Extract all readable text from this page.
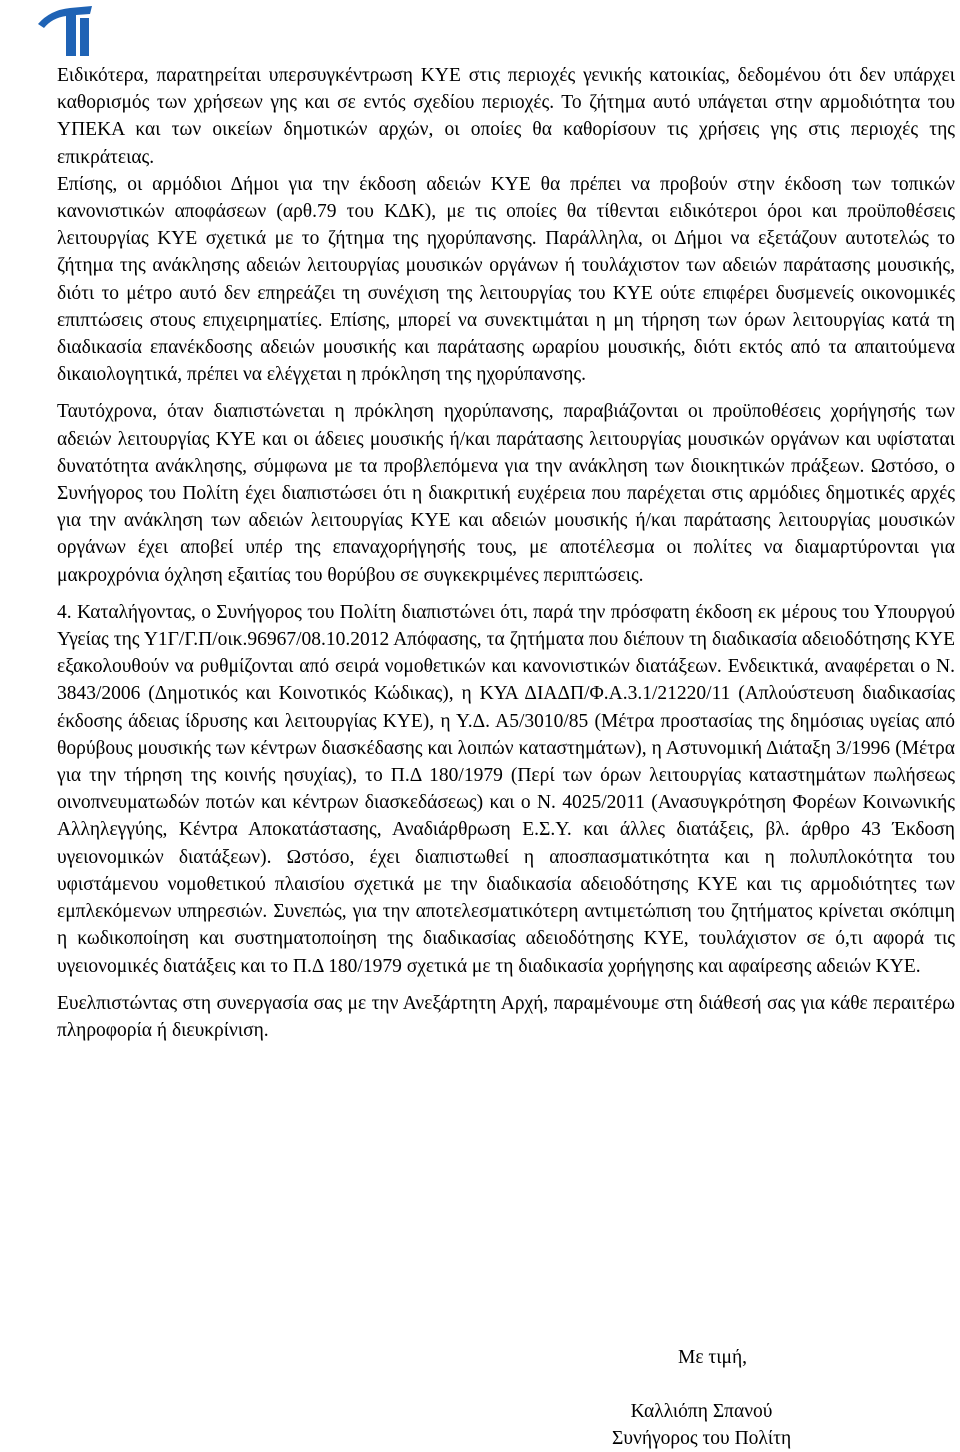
Ειδικότερα, παρατηρείται υπερσυγκέντρωση ΚΥΕ στις περιοχές γενικής κατοικίας, δεδομένου ότι δεν υπάρχει καθορισμός των χρήσεων γης και σε εντός σχεδίου περιοχές. Το ζήτημα αυτό υπάγεται στην αρμοδιότητα του ΥΠΕΚΑ και των οικείων δημοτικών αρχών, οι οποίες θα καθορίσουν τις χρήσεις γης στις περιοχές της επικράτειας.

Επίσης, οι αρμόδιοι Δήμοι για την έκδοση αδειών ΚΥΕ θα πρέπει να προβούν στην έκδοση των τοπικών κανονιστικών αποφάσεων (αρθ.79 του ΚΔΚ), με τις οποίες θα τίθενται ειδικότεροι όροι και προϋποθέσεις λειτουργίας ΚΥΕ σχετικά με το ζήτημα της ηχορύπανσης. Παράλληλα, οι Δήμοι να εξετάζουν αυτοτελώς το ζήτημα της ανάκλησης αδειών λειτουργίας μουσικών οργάνων ή τουλάχιστον των αδειών παράτασης μουσικής, διότι το μέτρο αυτό δεν επηρεάζει τη συνέχιση της λειτουργίας του ΚΥΕ ούτε επιφέρει δυσμενείς οικονομικές επιπτώσεις στους επιχειρηματίες. Επίσης, μπορεί να συνεκτιμάται η μη τήρηση των όρων λειτουργίας κατά τη διαδικασία επανέκδοσης αδειών μουσικής και παράτασης ωραρίου μουσικής, διότι εκτός από τα απαιτούμενα δικαιολογητικά, πρέπει να ελέγχεται η πρόκληση της ηχορύπανσης.

Ταυτόχρονα, όταν διαπιστώνεται η πρόκληση ηχορύπανσης, παραβιάζονται οι προϋποθέσεις χορήγησής των αδειών λειτουργίας ΚΥΕ και οι άδειες μουσικής ή/και παράτασης λειτουργίας μουσικών οργάνων και υφίσταται δυνατότητα ανάκλησης, σύμφωνα με τα προβλεπόμενα για την ανάκληση των διοικητικών πράξεων. Ωστόσο, ο Συνήγορος του Πολίτη έχει διαπιστώσει ότι η διακριτική ευχέρεια που παρέχεται στις αρμόδιες δημοτικές αρχές για την ανάκληση των αδειών λειτουργίας ΚΥΕ και αδειών μουσικής ή/και παράτασης λειτουργίας μουσικών οργάνων έχει αποβεί υπέρ της επαναχορήγησής τους, με αποτέλεσμα οι πολίτες να διαμαρτύρονται για μακροχρόνια όχληση εξαιτίας του θορύβου σε συγκεκριμένες περιπτώσεις.

4. Καταλήγοντας, ο Συνήγορος του Πολίτη διαπιστώνει ότι, παρά την πρόσφατη έκδοση εκ μέρους του Υπουργού Υγείας της Υ1Γ/Γ.Π/οικ.96967/08.10.2012 Απόφασης, τα ζητήματα που διέπουν τη διαδικασία αδειοδότησης ΚΥΕ εξακολουθούν να ρυθμίζονται από σειρά νομοθετικών και κανονιστικών διατάξεων. Ενδεικτικά, αναφέρεται ο Ν. 3843/2006 (Δημοτικός και Κοινοτικός Κώδικας), η ΚΥΑ ΔΙΑΔΠ/Φ.Α.3.1/21220/11 (Απλούστευση διαδικασίας έκδοσης άδειας ίδρυσης και λειτουργίας ΚΥΕ), η Υ.Δ. Α5/3010/85 (Μέτρα προστασίας της δημόσιας υγείας από θορύβους μουσικής των κέντρων διασκέδασης και λοιπών καταστημάτων), η Αστυνομική Διάταξη 3/1996 (Μέτρα για την τήρηση της κοινής ησυχίας), το Π.Δ 180/1979 (Περί των όρων λειτουργίας καταστημάτων πωλήσεως οινοπνευματωδών ποτών και κέντρων διασκεδάσεως) και ο Ν. 4025/2011 (Ανασυγκρότηση Φορέων Κοινωνικής Αλληλεγγύης, Κέντρα Αποκατάστασης, Αναδιάρθρωση Ε.Σ.Υ. και άλλες διατάξεις, βλ. άρθρο 43 Έκδοση υγειονομικών διατάξεων). Ωστόσο, έχει διαπιστωθεί η αποσπασματικότητα και η πολυπλοκότητα του υφιστάμενου νομοθετικού πλαισίου σχετικά με την διαδικασία αδειοδότησης ΚΥΕ και τις αρμοδιότητες των εμπλεκόμενων υπηρεσιών. Συνεπώς, για την αποτελεσματικότερη αντιμετώπιση του ζητήματος κρίνεται σκόπιμη η κωδικοποίηση και συστηματοποίηση της διαδικασίας αδειοδότησης ΚΥΕ, τουλάχιστον σε ό,τι αφορά τις υγειονομικές διατάξεις και το Π.Δ 180/1979 σχετικά με τη διαδικασία χορήγησης και αφαίρεσης αδειών ΚΥΕ.

Ευελπιστώντας στη συνεργασία σας με την Ανεξάρτητη Αρχή, παραμένουμε στη διάθεσή σας για κάθε περαιτέρω πληροφορία ή διευκρίνιση.

Με τιμή,
Καλλιόπη Σπανού
Συνήγορος του Πολίτη
